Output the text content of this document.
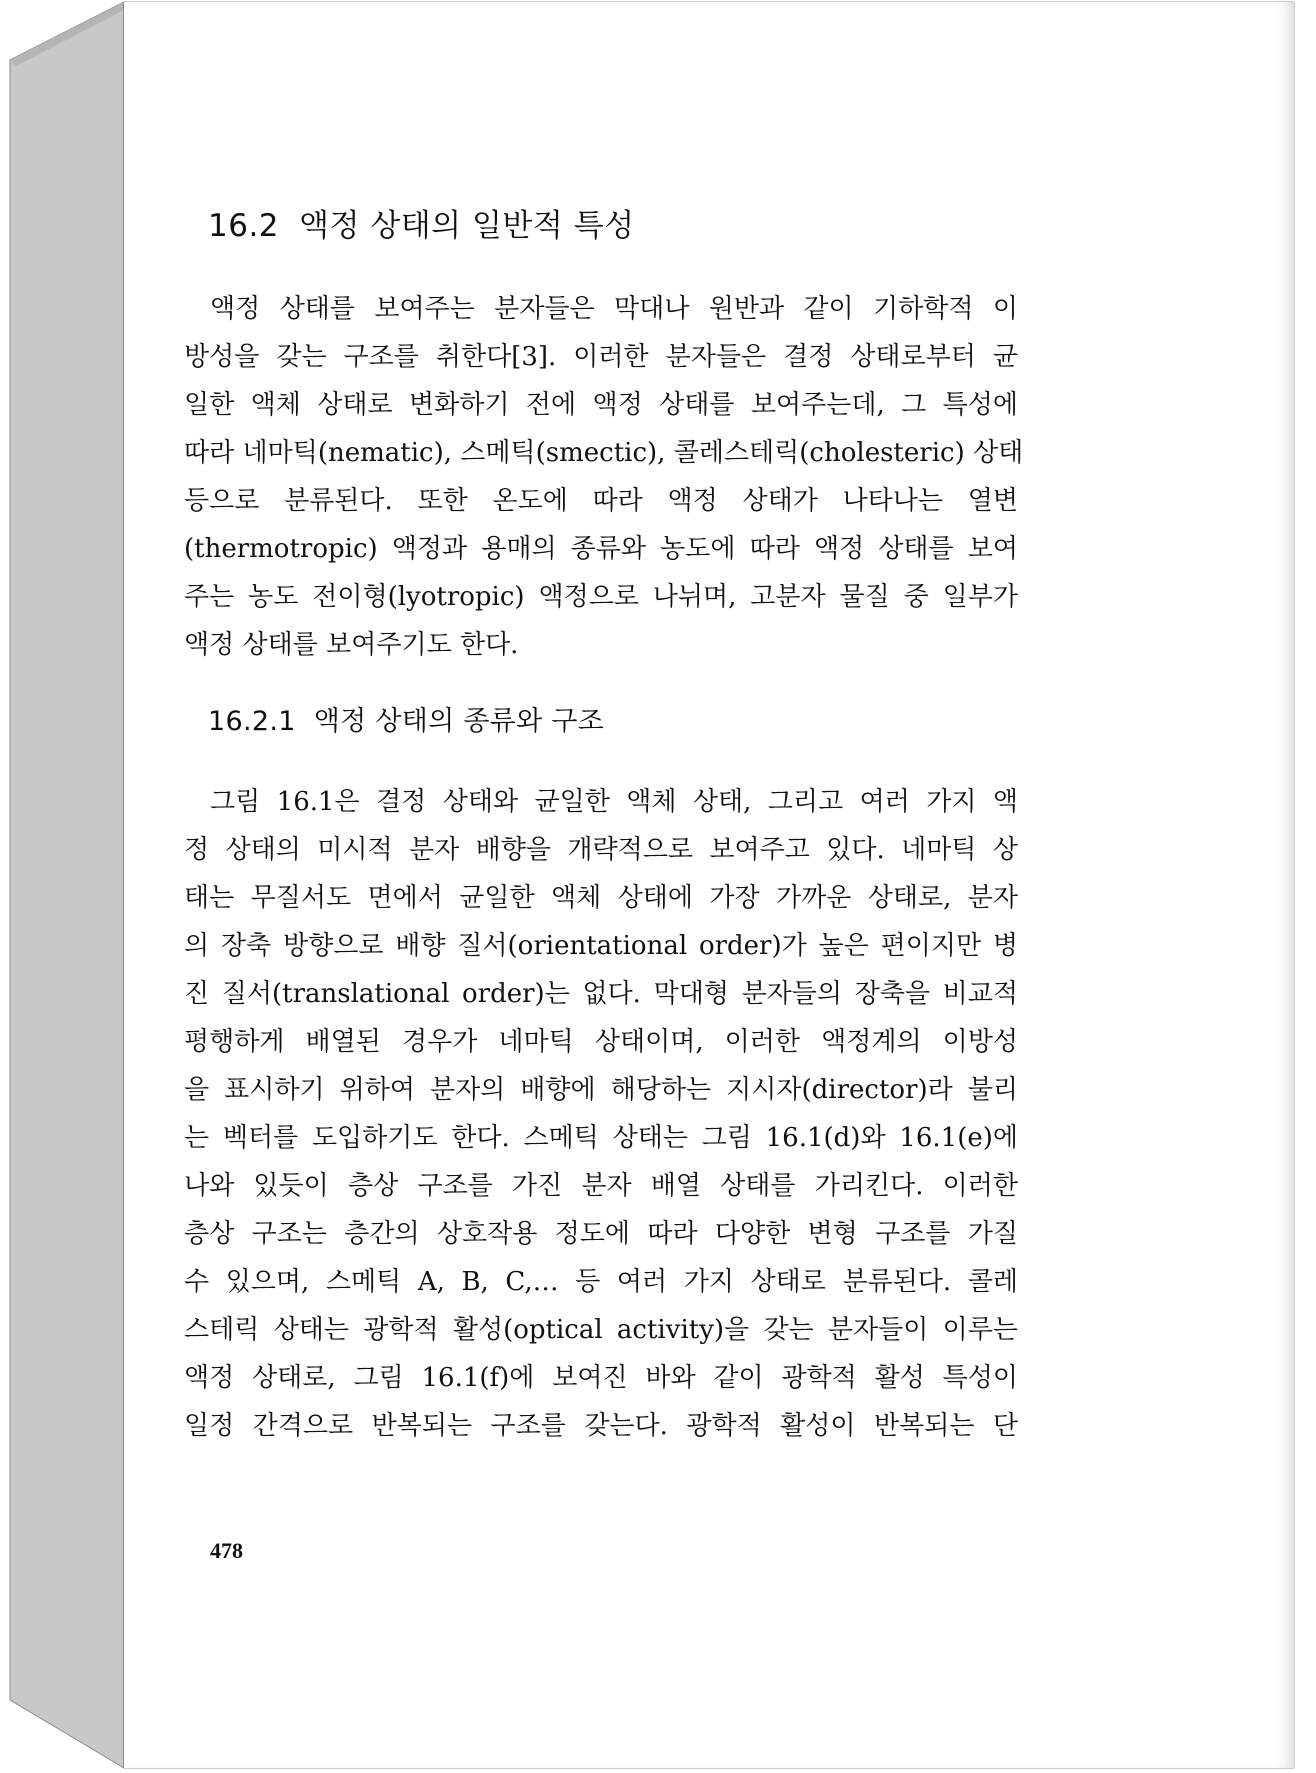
16.2 액정 상태의 일반적 특성
액정 상태를 보여주는 분자들은 막대나 원반과 같이 기하학적 이
방성을 갖는 구조를 취한다[3]. 이러한 분자들은 결정 상태로부터 균
일한 액체 상태로 변화하기 전에 액정 상태를 보여주는데, 그 특성에
따라 네마틱(nematic), 스메틱(smectic), 콜레스테릭(cholesteric) 상태
등으로 분류된다. 또한 온도에 따라 액정 상태가 나타나는 열변
(thermotropic) 액정과 용매의 종류와 농도에 따라 액정 상태를 보여
주는 농도 전이형(lyotropic) 액정으로 나뉘며, 고분자 물질 중 일부가
액정 상태를 보여주기도 한다.
16.2.1 액정 상태의 종류와 구조
그림 16.1은 결정 상태와 균일한 액체 상태, 그리고 여러 가지 액
정 상태의 미시적 분자 배향을 개략적으로 보여주고 있다. 네마틱 상
태는 무질서도 면에서 균일한 액체 상태에 가장 가까운 상태로, 분자
의 장축 방향으로 배향 질서(orientational order)가 높은 편이지만 병
진 질서(translational order)는 없다. 막대형 분자들의 장축을 비교적
평행하게 배열된 경우가 네마틱 상태이며, 이러한 액정계의 이방성
을 표시하기 위하여 분자의 배향에 해당하는 지시자(director)라 불리
는 벡터를 도입하기도 한다. 스메틱 상태는 그림 16.1(d)와 16.1(e)에
나와 있듯이 층상 구조를 가진 분자 배열 상태를 가리킨다. 이러한
층상 구조는 층간의 상호작용 정도에 따라 다양한 변형 구조를 가질
수 있으며, 스메틱 A, B, C,… 등 여러 가지 상태로 분류된다. 콜레
스테릭 상태는 광학적 활성(optical activity)을 갖는 분자들이 이루는
액정 상태로, 그림 16.1(f)에 보여진 바와 같이 광학적 활성 특성이
일정 간격으로 반복되는 구조를 갖는다. 광학적 활성이 반복되는 단
478
